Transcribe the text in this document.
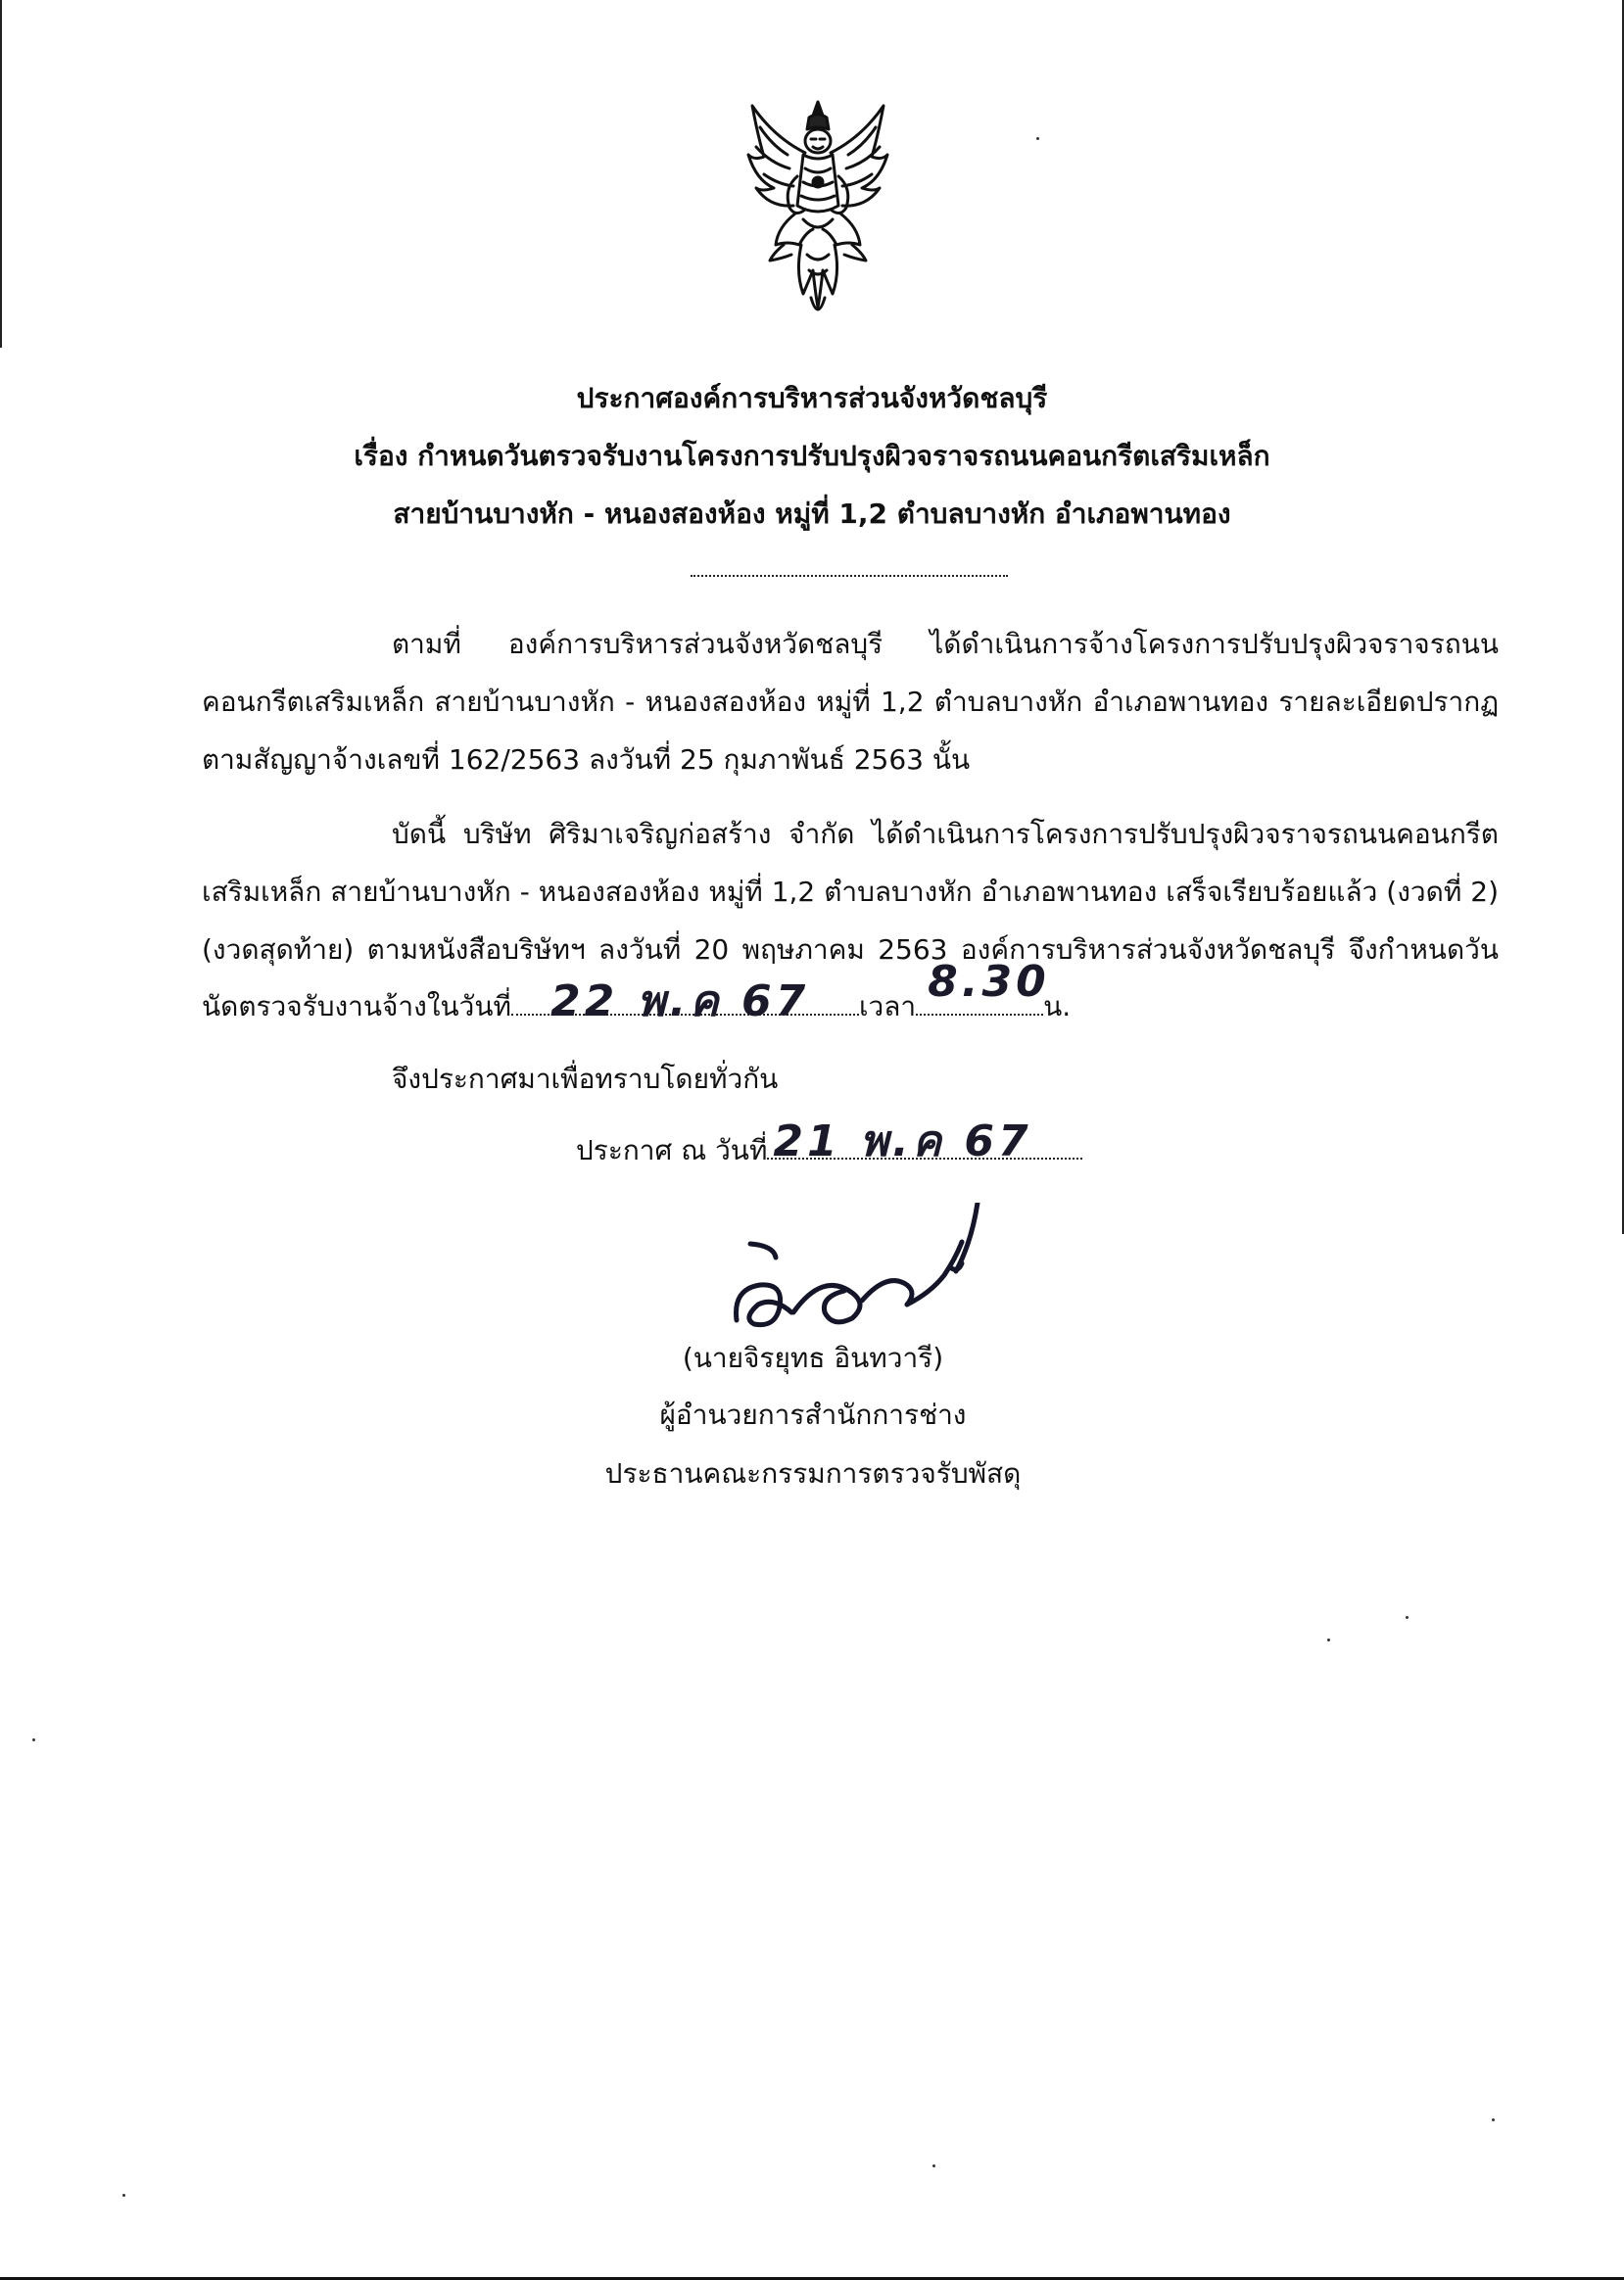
ประกาศองค์การบริหารส่วนจังหวัดชลบุรี
เรื่อง กำหนดวันตรวจรับงานโครงการปรับปรุงผิวจราจรถนนคอนกรีตเสริมเหล็ก
สายบ้านบางหัก - หนองสองห้อง หมู่ที่ 1,2 ตำบลบางหัก อำเภอพานทอง
ตามที่ องค์การบริหารส่วนจังหวัดชลบุรี ได้ดำเนินการจ้างโครงการปรับปรุงผิวจราจรถนน
คอนกรีตเสริมเหล็ก สายบ้านบางหัก - หนองสองห้อง หมู่ที่ 1,2 ตำบลบางหัก อำเภอพานทอง รายละเอียดปรากฏ
ตามสัญญาจ้างเลขที่ 162/2563 ลงวันที่ 25 กุมภาพันธ์ 2563 นั้น
บัดนี้ บริษัท ศิริมาเจริญก่อสร้าง จำกัด ได้ดำเนินการโครงการปรับปรุงผิวจราจรถนนคอนกรีต
เสริมเหล็ก สายบ้านบางหัก - หนองสองห้อง หมู่ที่ 1,2 ตำบลบางหัก อำเภอพานทอง เสร็จเรียบร้อยแล้ว (งวดที่ 2)
(งวดสุดท้าย) ตามหนังสือบริษัทฯ ลงวันที่ 20 พฤษภาคม 2563 องค์การบริหารส่วนจังหวัดชลบุรี จึงกำหนดวัน
นัดตรวจรับงานจ้างในวันที่ 22 พ.ค 67 เวลา 8.30
น.
จึงประกาศมาเพื่อทราบโดยทั่วกัน
ประกาศ ณ วันที่ 21 พ.ค 67
(นายจิรยุทธ อินทวารี)
ผู้อำนวยการสำนักการช่าง
ประธานคณะกรรมการตรวจรับพัสดุ
